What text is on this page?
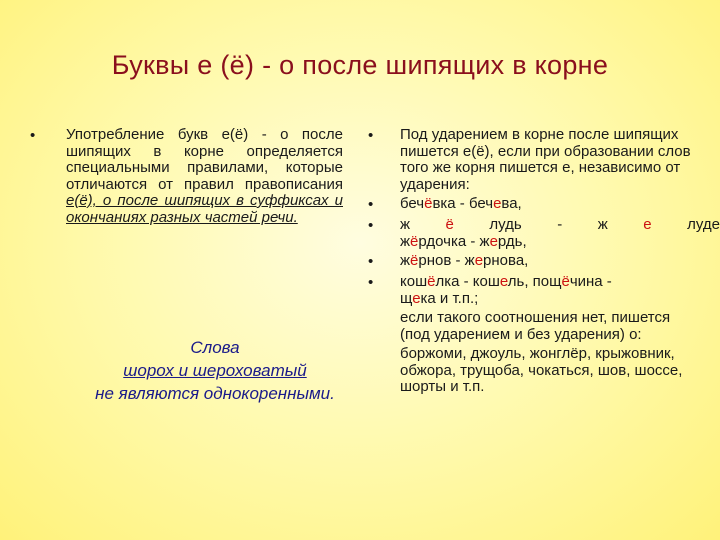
Буквы е (ё) - о после шипящих в корне
•	Употребление букв е(ё) - о после шипящих в корне определяется специальными правилами, которые отличаются от правил правописания е(ё), о после шипящих в суффиксах и окончаниях разных частей речи.
Слова
шорох и шероховатый
не являются однокоренными.
•	Под ударением в корне после шипящих пишется е(ё), если при образовании слов того же корня пишется е, независимо от ударения:
•	бечёвка - бечева,
•	ж ё лудь - ж е луде
жёрдочка - жердь,
•	жёрнов - жернова,
•	кошёлка - кошель, пощёчина -
щека и т.п.;
если такого соотношения нет, пишется (под ударением и без ударения) о:
боржоми, джоуль, жонглёр, крыжовник, обжора, трущоба, чокаться, шов, шоссе, шорты и т.п.
